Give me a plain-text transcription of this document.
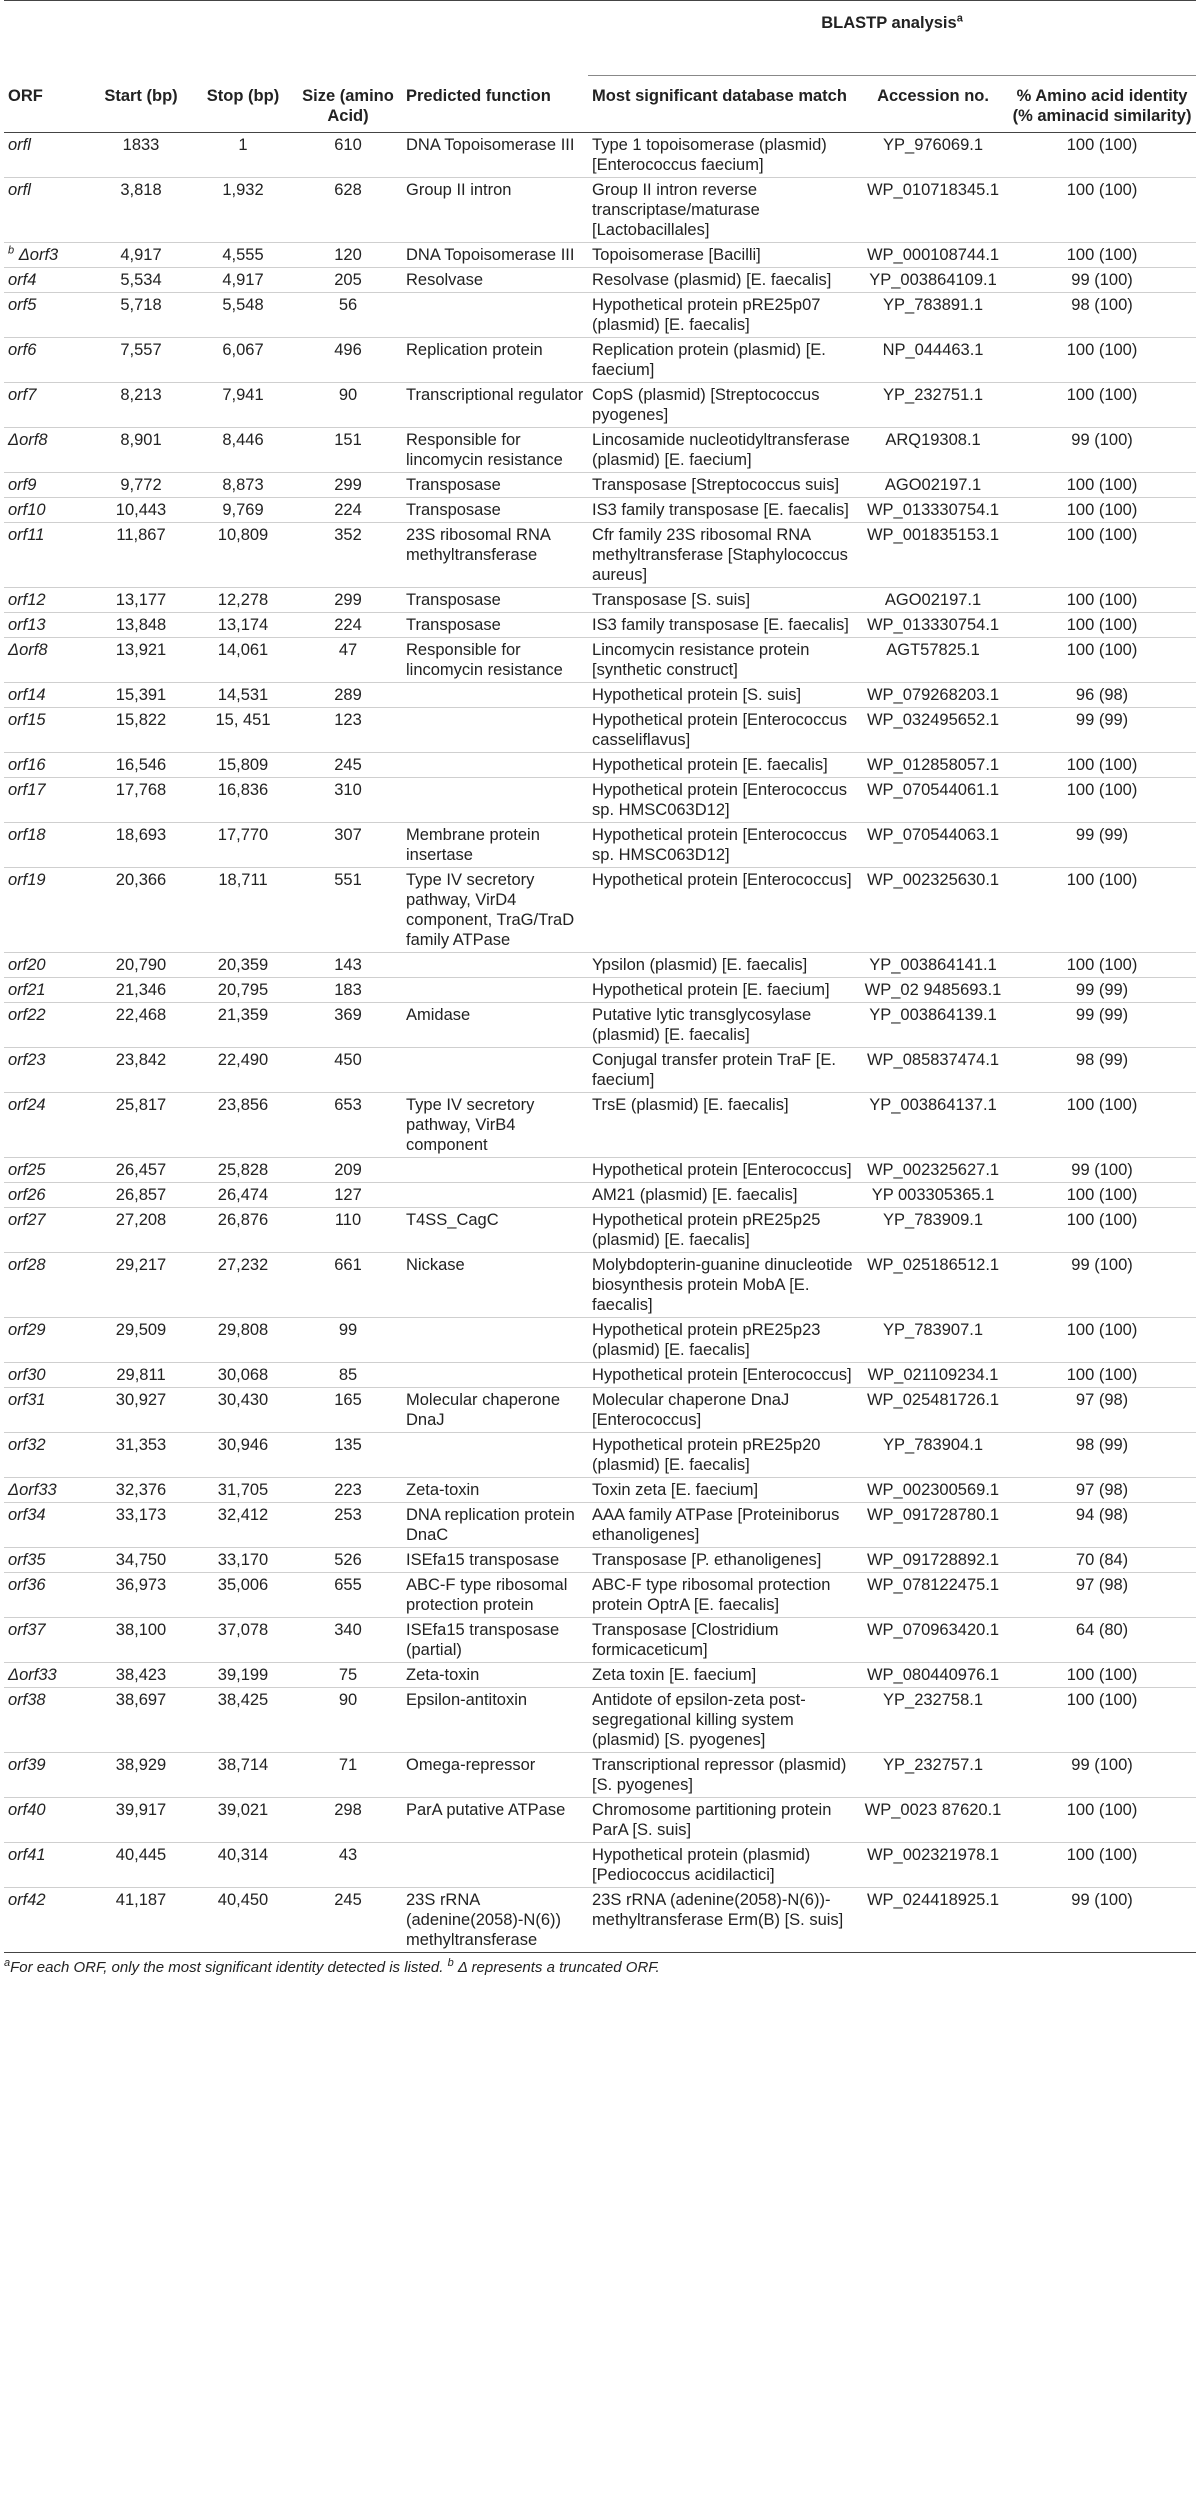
					BLASTP analysis$^a$
ORF	Start (bp)	Stop (bp)	Size (amino Acid)	Predicted function	Most significant database match	Accession no.	% Amino acid identity (% aminacid similarity)
orfl	1833	1	610	DNA Topoisomerase III	Type 1 topoisomerase (plasmid) [Enterococcus faecium]	YP_976069.1	100 (100)
orfl	3,818	1,932	628	Group II intron	Group II intron reverse transcriptase/maturase [Lactobacillales]	WP_010718345.1	100 (100)
$^b$ Δorf3	4,917	4,555	120	DNA Topoisomerase III	Topoisomerase [Bacilli]	WP_000108744.1	100 (100)
orf4	5,534	4,917	205	Resolvase	Resolvase (plasmid) [E. faecalis]	YP_003864109.1	99 (100)
orf5	5,718	5,548	56		Hypothetical protein pRE25p07 (plasmid) [E. faecalis]	YP_783891.1	98 (100)
orf6	7,557	6,067	496	Replication protein	Replication protein (plasmid) [E. faecium]	NP_044463.1	100 (100)
orf7	8,213	7,941	90	Transcriptional regulator	CopS (plasmid) [Streptococcus pyogenes]	YP_232751.1	100 (100)
Δorf8	8,901	8,446	151	Responsible for lincomycin resistance	Lincosamide nucleotidyltransferase (plasmid) [E. faecium]	ARQ19308.1	99 (100)
orf9	9,772	8,873	299	Transposase	Transposase [Streptococcus suis]	AGO02197.1	100 (100)
orf10	10,443	9,769	224	Transposase	IS3 family transposase [E. faecalis]	WP_013330754.1	100 (100)
orf11	11,867	10,809	352	23S ribosomal RNA methyltransferase	Cfr family 23S ribosomal RNA methyltransferase [Staphylococcus aureus]	WP_001835153.1	100 (100)
orf12	13,177	12,278	299	Transposase	Transposase [S. suis]	AGO02197.1	100 (100)
orf13	13,848	13,174	224	Transposase	IS3 family transposase [E. faecalis]	WP_013330754.1	100 (100)
Δorf8	13,921	14,061	47	Responsible for lincomycin resistance	Lincomycin resistance protein [synthetic construct]	AGT57825.1	100 (100)
orf14	15,391	14,531	289		Hypothetical protein [S. suis]	WP_079268203.1	96 (98)
orf15	15,822	15, 451	123		Hypothetical protein [Enterococcus casseliflavus]	WP_032495652.1	99 (99)
orf16	16,546	15,809	245		Hypothetical protein [E. faecalis]	WP_012858057.1	100 (100)
orf17	17,768	16,836	310		Hypothetical protein [Enterococcus sp. HMSC063D12]	WP_070544061.1	100 (100)
orf18	18,693	17,770	307	Membrane protein insertase	Hypothetical protein [Enterococcus sp. HMSC063D12]	WP_070544063.1	99 (99)
orf19	20,366	18,711	551	Type IV secretory pathway, VirD4 component, TraG/TraD family ATPase	Hypothetical protein [Enterococcus]	WP_002325630.1	100 (100)
orf20	20,790	20,359	143		Ypsilon (plasmid) [E. faecalis]	YP_003864141.1	100 (100)
orf21	21,346	20,795	183		Hypothetical protein [E. faecium]	WP_02 9485693.1	99 (99)
orf22	22,468	21,359	369	Amidase	Putative lytic transglycosylase (plasmid) [E. faecalis]	YP_003864139.1	99 (99)
orf23	23,842	22,490	450		Conjugal transfer protein TraF [E. faecium]	WP_085837474.1	98 (99)
orf24	25,817	23,856	653	Type IV secretory pathway, VirB4 component	TrsE (plasmid) [E. faecalis]	YP_003864137.1	100 (100)
orf25	26,457	25,828	209		Hypothetical protein [Enterococcus]	WP_002325627.1	99 (100)
orf26	26,857	26,474	127		AM21 (plasmid) [E. faecalis]	YP 003305365.1	100 (100)
orf27	27,208	26,876	110	T4SS_CagC	Hypothetical protein pRE25p25 (plasmid) [E. faecalis]	YP_783909.1	100 (100)
orf28	29,217	27,232	661	Nickase	Molybdopterin-guanine dinucleotide biosynthesis protein MobA [E. faecalis]	WP_025186512.1	99 (100)
orf29	29,509	29,808	99		Hypothetical protein pRE25p23 (plasmid) [E. faecalis]	YP_783907.1	100 (100)
orf30	29,811	30,068	85		Hypothetical protein [Enterococcus]	WP_021109234.1	100 (100)
orf31	30,927	30,430	165	Molecular chaperone DnaJ	Molecular chaperone DnaJ [Enterococcus]	WP_025481726.1	97 (98)
orf32	31,353	30,946	135		Hypothetical protein pRE25p20 (plasmid) [E. faecalis]	YP_783904.1	98 (99)
Δorf33	32,376	31,705	223	Zeta-toxin	Toxin zeta [E. faecium]	WP_002300569.1	97 (98)
orf34	33,173	32,412	253	DNA replication protein DnaC	AAA family ATPase [Proteiniborus ethanoligenes]	WP_091728780.1	94 (98)
orf35	34,750	33,170	526	ISEfa15 transposase	Transposase [P. ethanoligenes]	WP_091728892.1	70 (84)
orf36	36,973	35,006	655	ABC-F type ribosomal protection protein	ABC-F type ribosomal protection protein OptrA [E. faecalis]	WP_078122475.1	97 (98)
orf37	38,100	37,078	340	ISEfa15 transposase (partial)	Transposase [Clostridium formicaceticum]	WP_070963420.1	64 (80)
Δorf33	38,423	39,199	75	Zeta-toxin	Zeta toxin [E. faecium]	WP_080440976.1	100 (100)
orf38	38,697	38,425	90	Epsilon-antitoxin	Antidote of epsilon-zeta post-segregational killing system (plasmid) [S. pyogenes]	YP_232758.1	100 (100)
orf39	38,929	38,714	71	Omega-repressor	Transcriptional repressor (plasmid) [S. pyogenes]	YP_232757.1	99 (100)
orf40	39,917	39,021	298	ParA putative ATPase	Chromosome partitioning protein ParA [S. suis]	WP_0023 87620.1	100 (100)
orf41	40,445	40,314	43		Hypothetical protein (plasmid) [Pediococcus acidilactici]	WP_002321978.1	100 (100)
orf42	41,187	40,450	245	23S rRNA (adenine(2058)-N(6)) methyltransferase	23S rRNA (adenine(2058)-N(6))-methyltransferase Erm(B) [S. suis]	WP_024418925.1	99 (100)
$^a$For each ORF, only the most significant identity detected is listed. $^b$ Δ represents a truncated ORF.
